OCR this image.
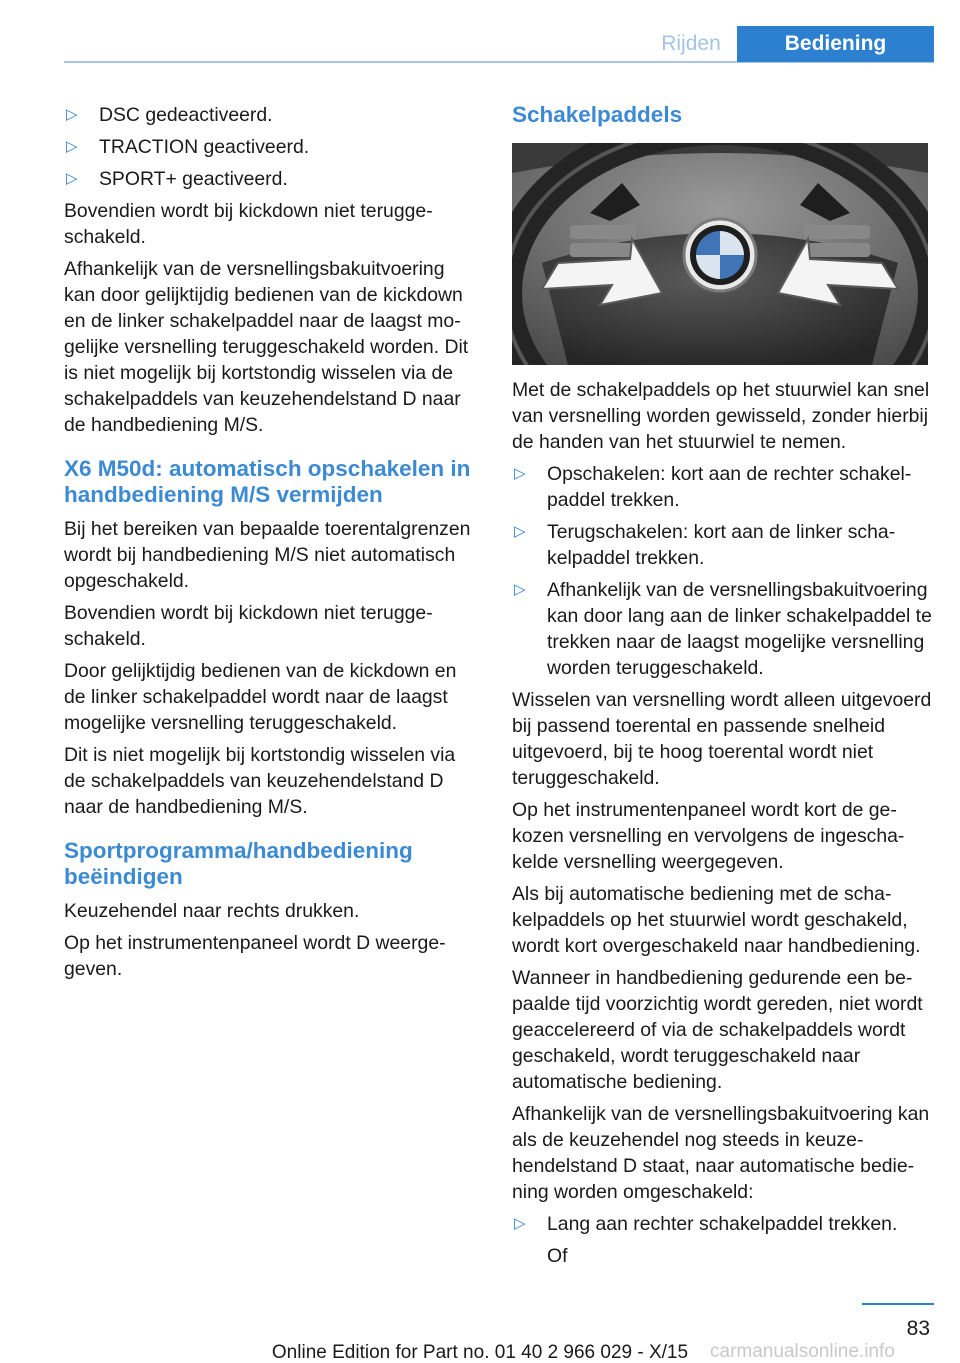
Rijden	Bediening
▷ DSC gedeactiveerd.
▷ TRACTION geactiveerd.
▷ SPORT+ geactiveerd.

Bovendien wordt bij kickdown niet teruggeschakeld.

Afhankelijk van de versnellingsbakuitvoering kan door gelijktijdig bedienen van de kickdown en de linker schakelpaddel naar de laagst mogelijke versnelling teruggeschakeld worden. Dit is niet mogelijk bij kortstondig wisselen via de schakelpaddels van keuzehendelstand D naar de handbediening M/S.

X6 M50d: automatisch opschakelen in handbediening M/S vermijden

Bij het bereiken van bepaalde toerentalgrenzen wordt bij handbediening M/S niet automatisch opgeschakeld.

Bovendien wordt bij kickdown niet teruggeschakeld.

Door gelijktijdig bedienen van de kickdown en de linker schakelpaddel wordt naar de laagst mogelijke versnelling teruggeschakeld.

Dit is niet mogelijk bij kortstondig wisselen via de schakelpaddels van keuzehendelstand D naar de handbediening M/S.

Sportprogramma/handbediening beëindigen

Keuzehendel naar rechts drukken.

Op het instrumentenpaneel wordt D weergegeven.

Schakelpaddels

Met de schakelpaddels op het stuurwiel kan snel van versnelling worden gewisseld, zonder hierbij de handen van het stuurwiel te nemen.

▷ Opschakelen: kort aan de rechter schakelpaddel trekken.
▷ Terugschakelen: kort aan de linker schakelpaddel trekken.
▷ Afhankelijk van de versnellingsbakuitvoering kan door lang aan de linker schakelpaddel te trekken naar de laagst mogelijke versnelling worden teruggeschakeld.

Wisselen van versnelling wordt alleen uitgevoerd bij passend toerental en passende snelheid uitgevoerd, bij te hoog toerental wordt niet teruggeschakeld.

Op het instrumentenpaneel wordt kort de gekozen versnelling en vervolgens de ingeschakelde versnelling weergegeven.

Als bij automatische bediening met de schakelpaddels op het stuurwiel wordt geschakeld, wordt kort overgeschakeld naar handbediening.

Wanneer in handbediening gedurende een bepaalde tijd voorzichtig wordt gereden, niet wordt geaccelereerd of via de schakelpaddels wordt geschakeld, wordt teruggeschakeld naar automatische bediening.

Afhankelijk van de versnellingsbakuitvoering kan als de keuzehendel nog steeds in keuzehendelstand D staat, naar automatische bediening worden omgeschakeld:

▷ Lang aan rechter schakelpaddel trekken.

Of

83
Online Edition for Part no. 01 40 2 966 029 - X/15	carmanualsonline.info
